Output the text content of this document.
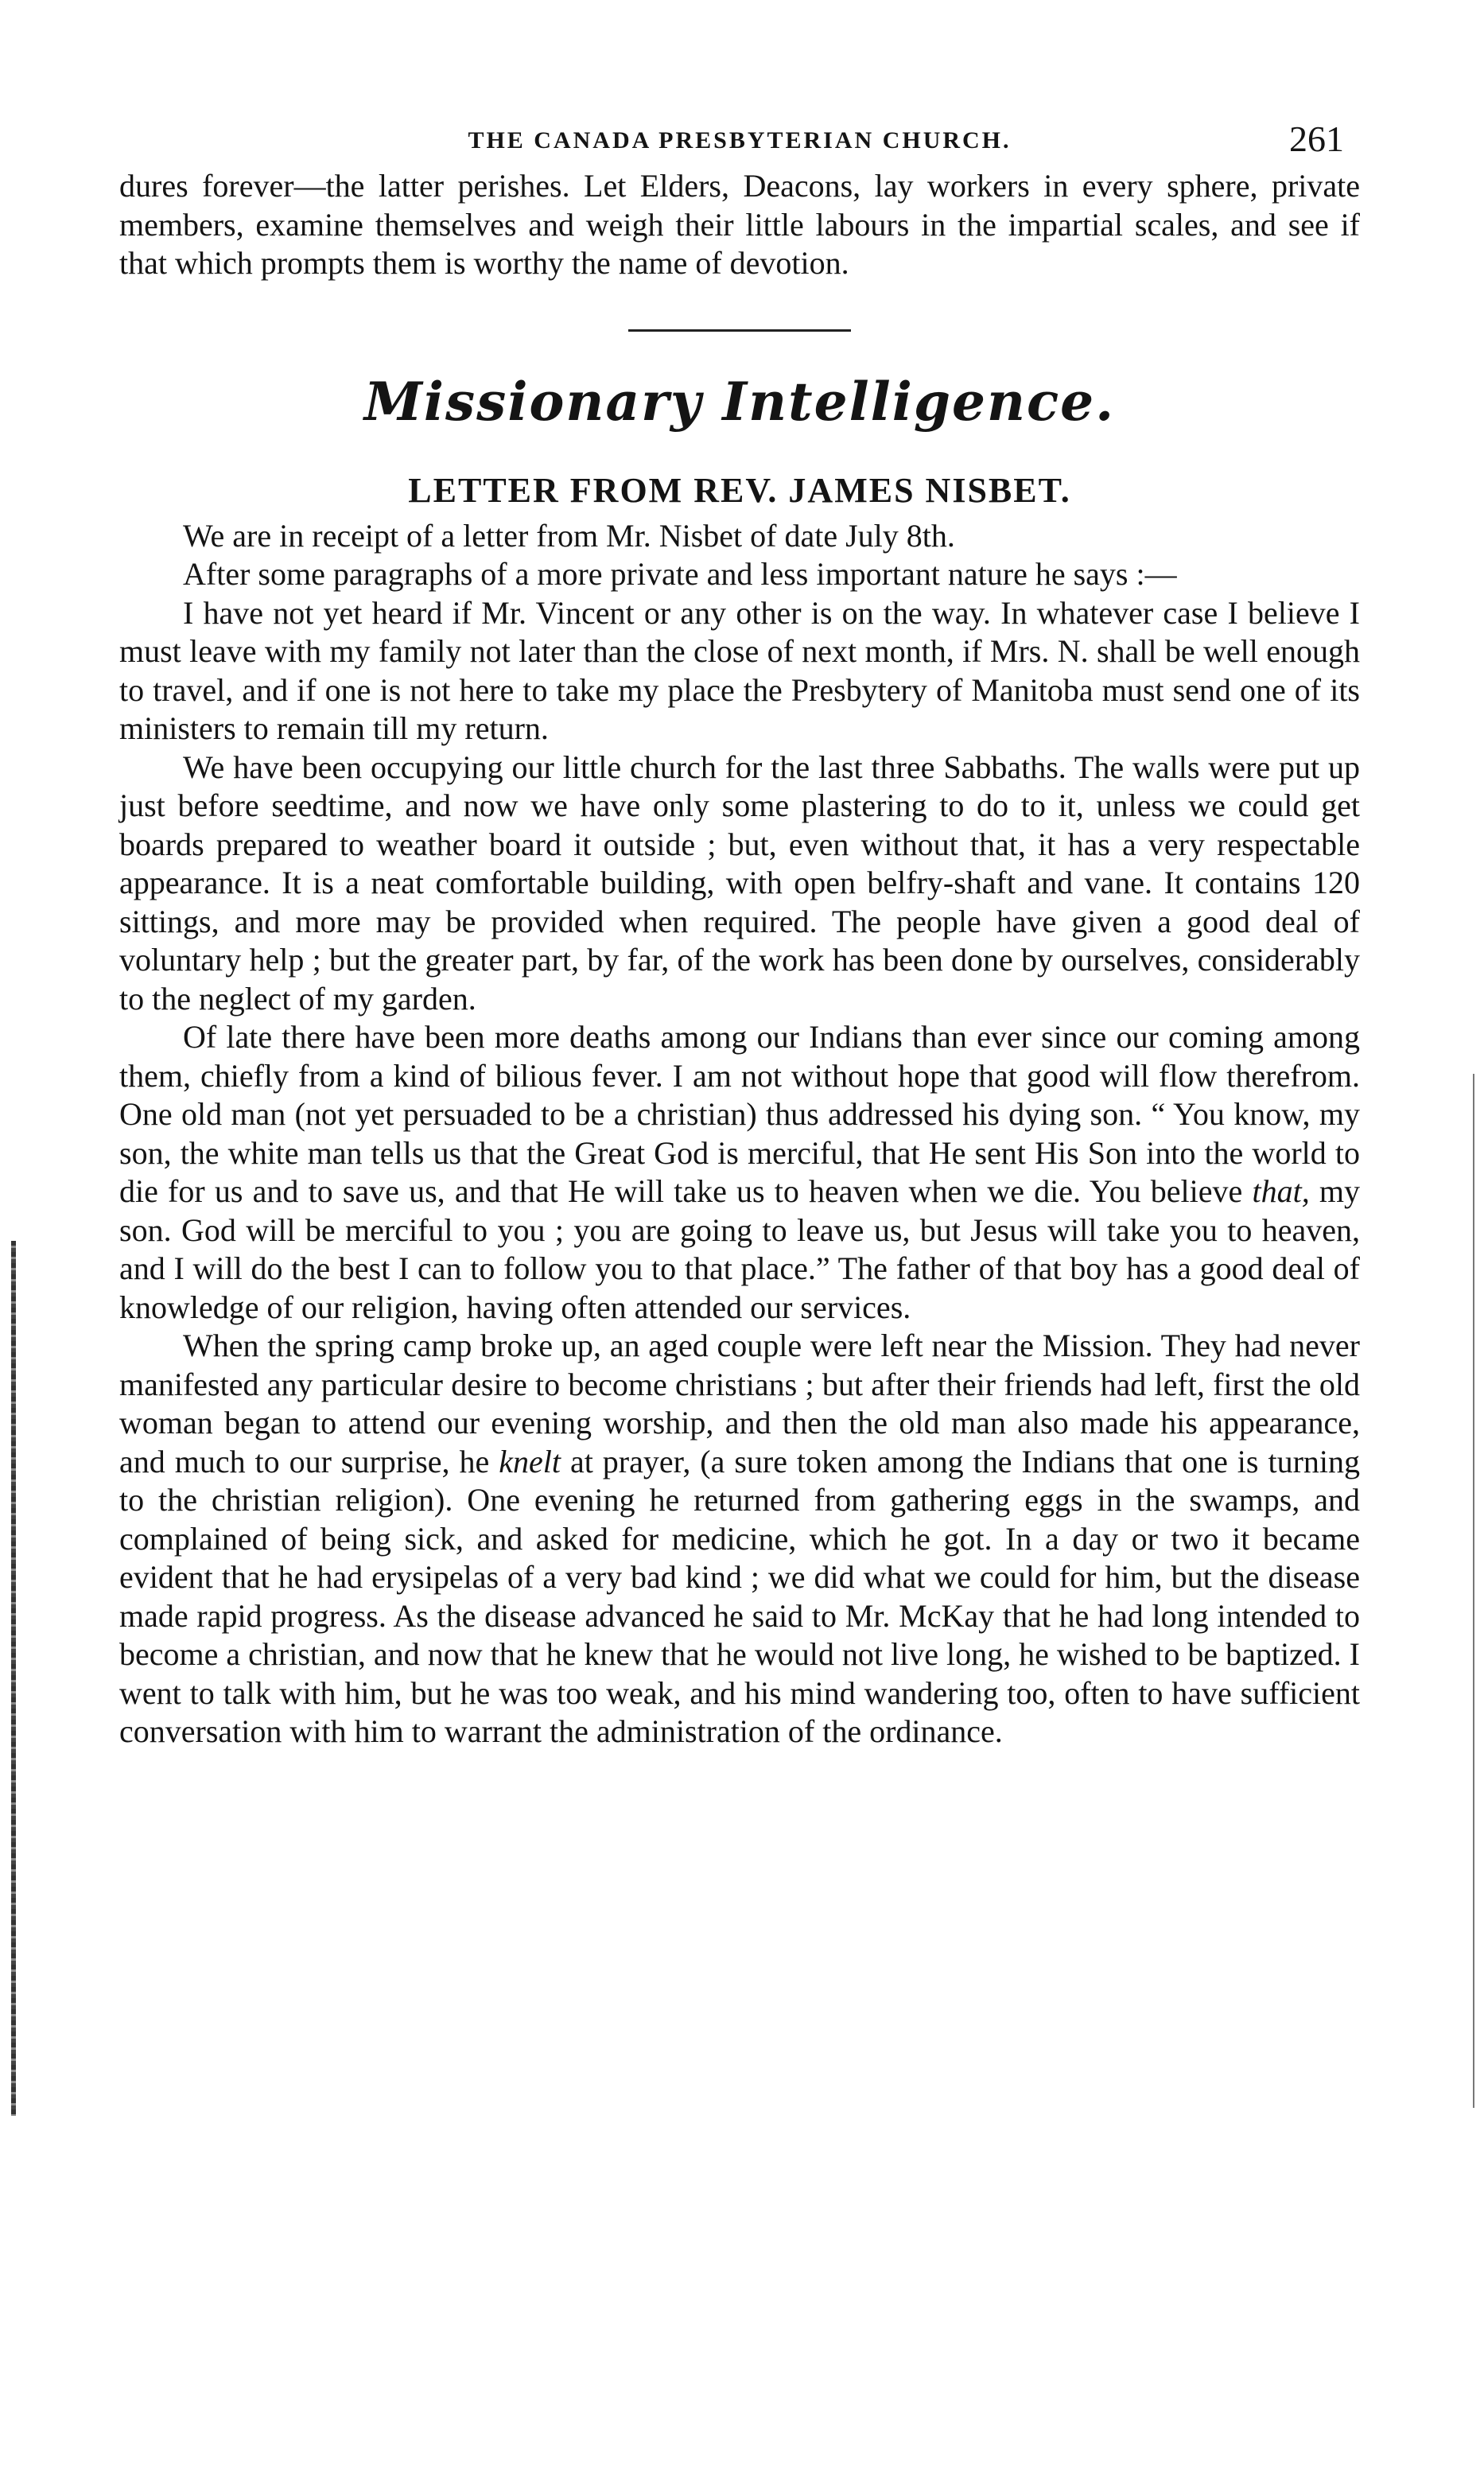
THE CANADA PRESBYTERIAN CHURCH.	261

dures forever—the latter perishes. Let Elders, Deacons, lay workers in every sphere, private members, examine themselves and weigh their little labours in the impartial scales, and see if that which prompts them is worthy the name of devotion.

Missionary Intelligence.
LETTER FROM REV. JAMES NISBET.

We are in receipt of a letter from Mr. Nisbet of date July 8th.

After some paragraphs of a more private and less important nature he says :—

I have not yet heard if Mr. Vincent or any other is on the way. In whatever case I believe I must leave with my family not later than the close of next month, if Mrs. N. shall be well enough to travel, and if one is not here to take my place the Presbytery of Manitoba must send one of its ministers to remain till my return.

We have been occupying our little church for the last three Sabbaths. The walls were put up just before seedtime, and now we have only some plastering to do to it, unless we could get boards prepared to weather board it outside ; but, even without that, it has a very respectable appearance. It is a neat comfortable building, with open belfry-shaft and vane. It contains 120 sittings, and more may be provided when required. The people have given a good deal of voluntary help ; but the greater part, by far, of the work has been done by ourselves, considerably to the neglect of my garden.

Of late there have been more deaths among our Indians than ever since our coming among them, chiefly from a kind of bilious fever. I am not without hope that good will flow therefrom. One old man (not yet persuaded to be a christian) thus addressed his dying son. “ You know, my son, the white man tells us that the Great God is merciful, that He sent His Son into the world to die for us and to save us, and that He will take us to heaven when we die. You believe that, my son. God will be merciful to you ; you are going to leave us, but Jesus will take you to heaven, and I will do the best I can to follow you to that place.” The father of that boy has a good deal of knowledge of our religion, having often attended our services.

When the spring camp broke up, an aged couple were left near the Mission. They had never manifested any particular desire to become christians ; but after their friends had left, first the old woman began to attend our evening worship, and then the old man also made his appearance, and much to our surprise, he knelt at prayer, (a sure token among the Indians that one is turning to the christian religion). One evening he returned from gathering eggs in the swamps, and complained of being sick, and asked for medicine, which he got. In a day or two it became evident that he had erysipelas of a very bad kind ; we did what we could for him, but the disease made rapid progress. As the disease advanced he said to Mr. McKay that he had long intended to become a christian, and now that he knew that he would not live long, he wished to be baptized. I went to talk with him, but he was too weak, and his mind wandering too, often to have sufficient conversation with him to warrant the administration of the ordinance.
